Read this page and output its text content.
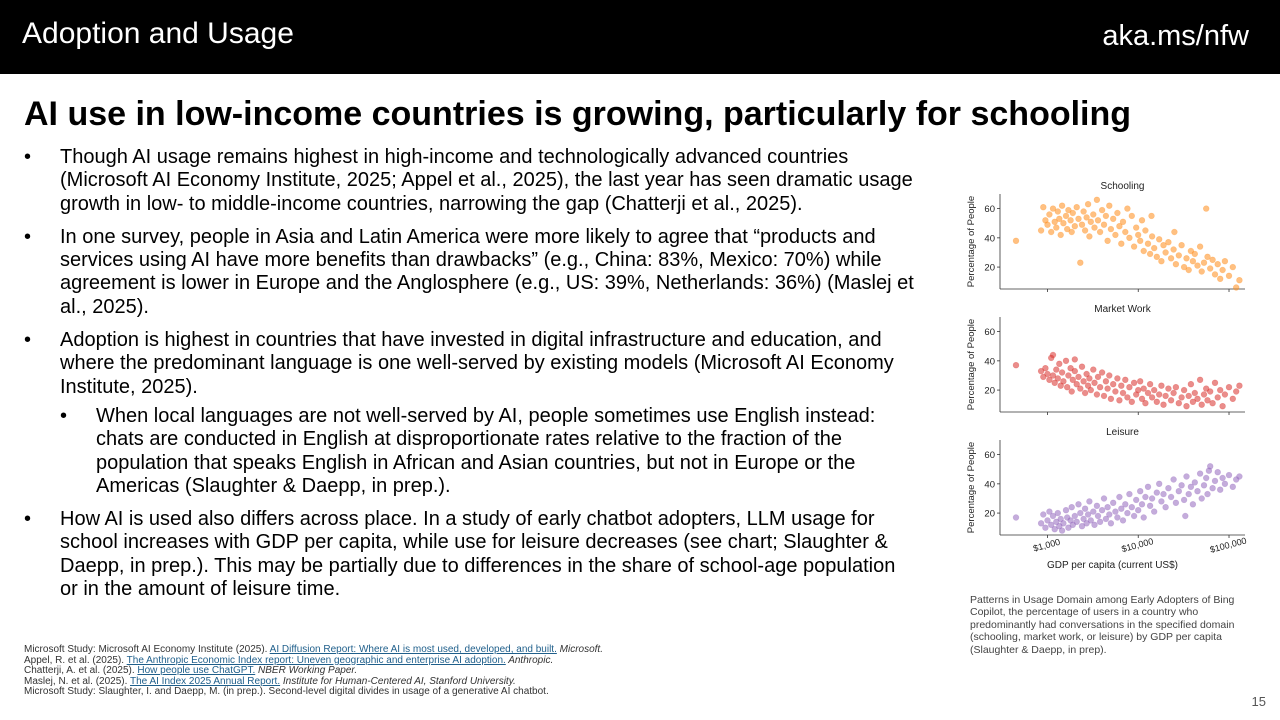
Adoption and Usage	aka.ms/nfw
AI use in low-income countries is growing, particularly for schooling
• Though AI usage remains highest in high-income and technologically advanced countries (Microsoft AI Economy Institute, 2025; Appel et al., 2025), the last year has seen dramatic usage growth in low- to middle-income countries, narrowing the gap (Chatterji et al., 2025).
• In one survey, people in Asia and Latin America were more likely to agree that “products and services using AI have more benefits than drawbacks” (e.g., China: 83%, Mexico: 70%) while agreement is lower in Europe and the Anglosphere (e.g., US: 39%, Netherlands: 36%) (Maslej et al., 2025).
• Adoption is highest in countries that have invested in digital infrastructure and education, and where the predominant language is one well-served by existing models (Microsoft AI Economy Institute, 2025).
• When local languages are not well-served by AI, people sometimes use English instead: chats are conducted in English at disproportionate rates relative to the fraction of the population that speaks English in African and Asian countries, but not in Europe or the Americas (Slaughter & Daepp, in prep.).
• How AI is used also differs across place. In a study of early chatbot adopters, LLM usage for school increases with GDP per capita, while use for leisure decreases (see chart; Slaughter & Daepp, in prep.). This may be partially due to differences in the share of school-age population or in the amount of leisure time.
Microsoft Study: Microsoft AI Economy Institute (2025). AI Diffusion Report: Where AI is most used, developed, and built. Microsoft.
Appel, R. et al. (2025). The Anthropic Economic Index report: Uneven geographic and enterprise AI adoption. Anthropic.
Chatterji, A. et al. (2025). How people use ChatGPT. NBER Working Paper.
Maslej, N. et al. (2025). The AI Index 2025 Annual Report. Institute for Human-Centered AI, Stanford University.
Microsoft Study: Slaughter, I. and Daepp, M. (in prep.). Second-level digital divides in usage of a generative AI chatbot.
Schooling
20
40
60
Percentage of People
Market Work
20
40
60
Percentage of People
Leisure
20
40
60
Percentage of People
$1,000	$10,000	$100,000
GDP per capita (current US$)
Patterns in Usage Domain among Early Adopters of Bing Copilot, the percentage of users in a country who predominantly had conversations in the specified domain (schooling, market work, or leisure) by GDP per capita (Slaughter & Daepp, in prep).
15
